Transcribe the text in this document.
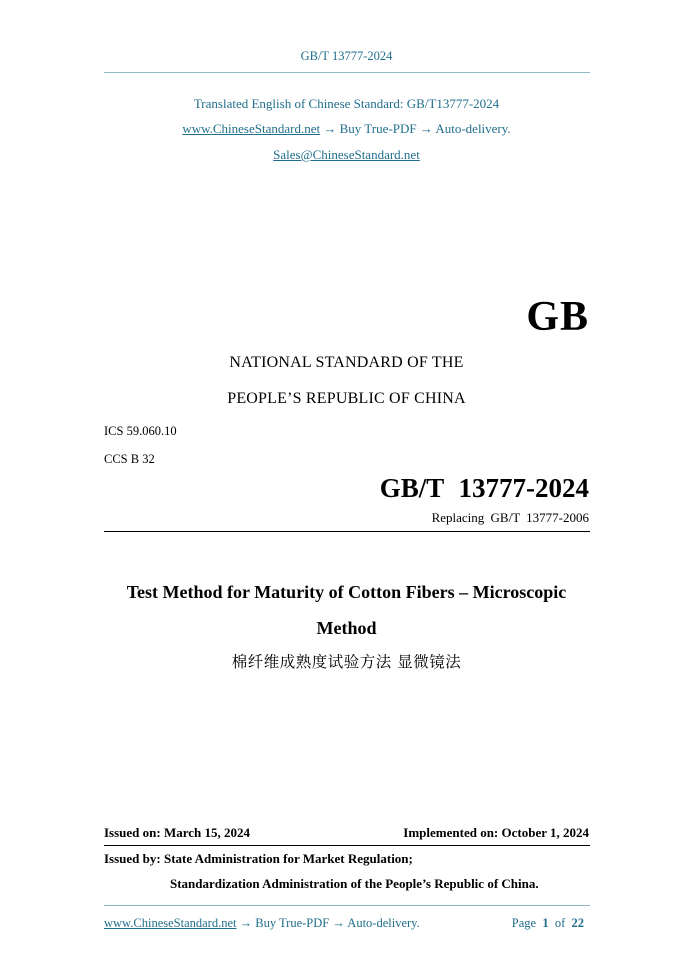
GB/T 13777-2024
Translated English of Chinese Standard: GB/T13777-2024
www.ChineseStandard.net → Buy True-PDF → Auto-delivery.
Sales@ChineseStandard.net
GB
NATIONAL STANDARD OF THE
PEOPLE’S REPUBLIC OF CHINA
ICS 59.060.10
CCS B 32
GB/T 13777-2024
Replacing GB/T 13777-2006
Test Method for Maturity of Cotton Fibers – Microscopic Method
棉纤维成熟度试验方法 显微镜法
Issued on: March 15, 2024	Implemented on: October 1, 2024
Issued by: State Administration for Market Regulation;
Standardization Administration of the People’s Republic of China.
www.ChineseStandard.net → Buy True-PDF → Auto-delivery.	Page 1 of 22
